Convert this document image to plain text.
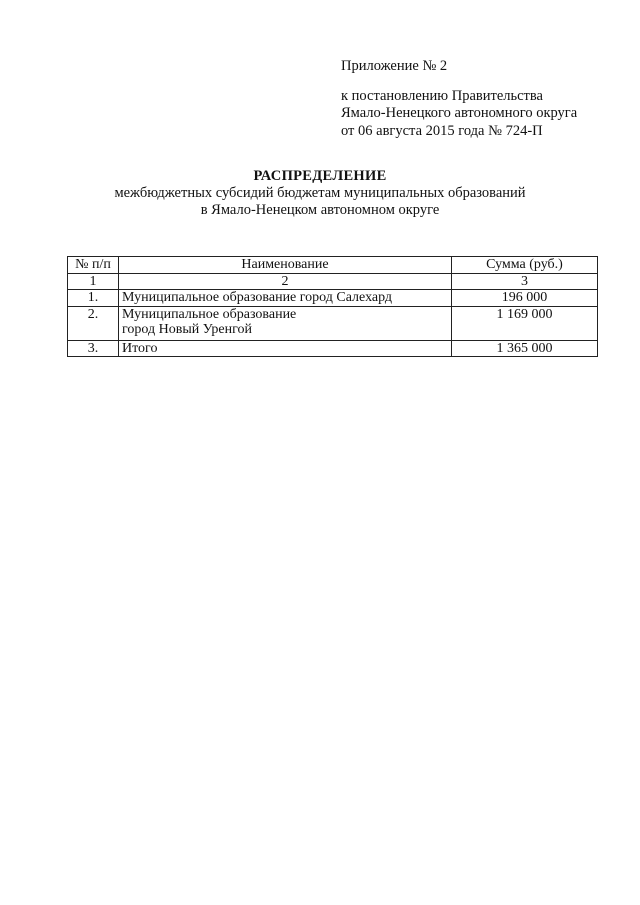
Приложение № 2
к постановлению Правительства
Ямало-Ненецкого автономного округа
от 06 августа 2015 года № 724-П
РАСПРЕДЕЛЕНИЕ
межбюджетных субсидий бюджетам муниципальных образований
в Ямало-Ненецком автономном округе
№ п/п	Наименование	Сумма (руб.)
1	2	3
1.	Муниципальное образование город Салехард	196 000
2.	Муниципальное образование
город Новый Уренгой	1 169 000
3.	Итого	1 365 000
